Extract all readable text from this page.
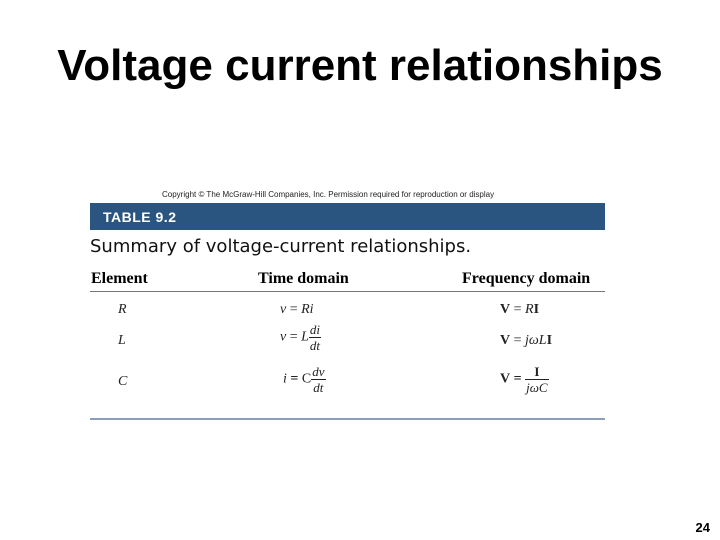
Voltage current relationships
Copyright © The McGraw-Hill Companies, Inc. Permission required for reproduction or display
TABLE 9.2
Summary of voltage-current relationships.
Element	Time domain	Frequency domain
R	v = Ri	V = RI
L	v = L $\frac{di}{dt}$	V = jωLI
C	i = C $\frac{dv}{dt}$	$V = \frac{I}{\text{jωC}}$
24
